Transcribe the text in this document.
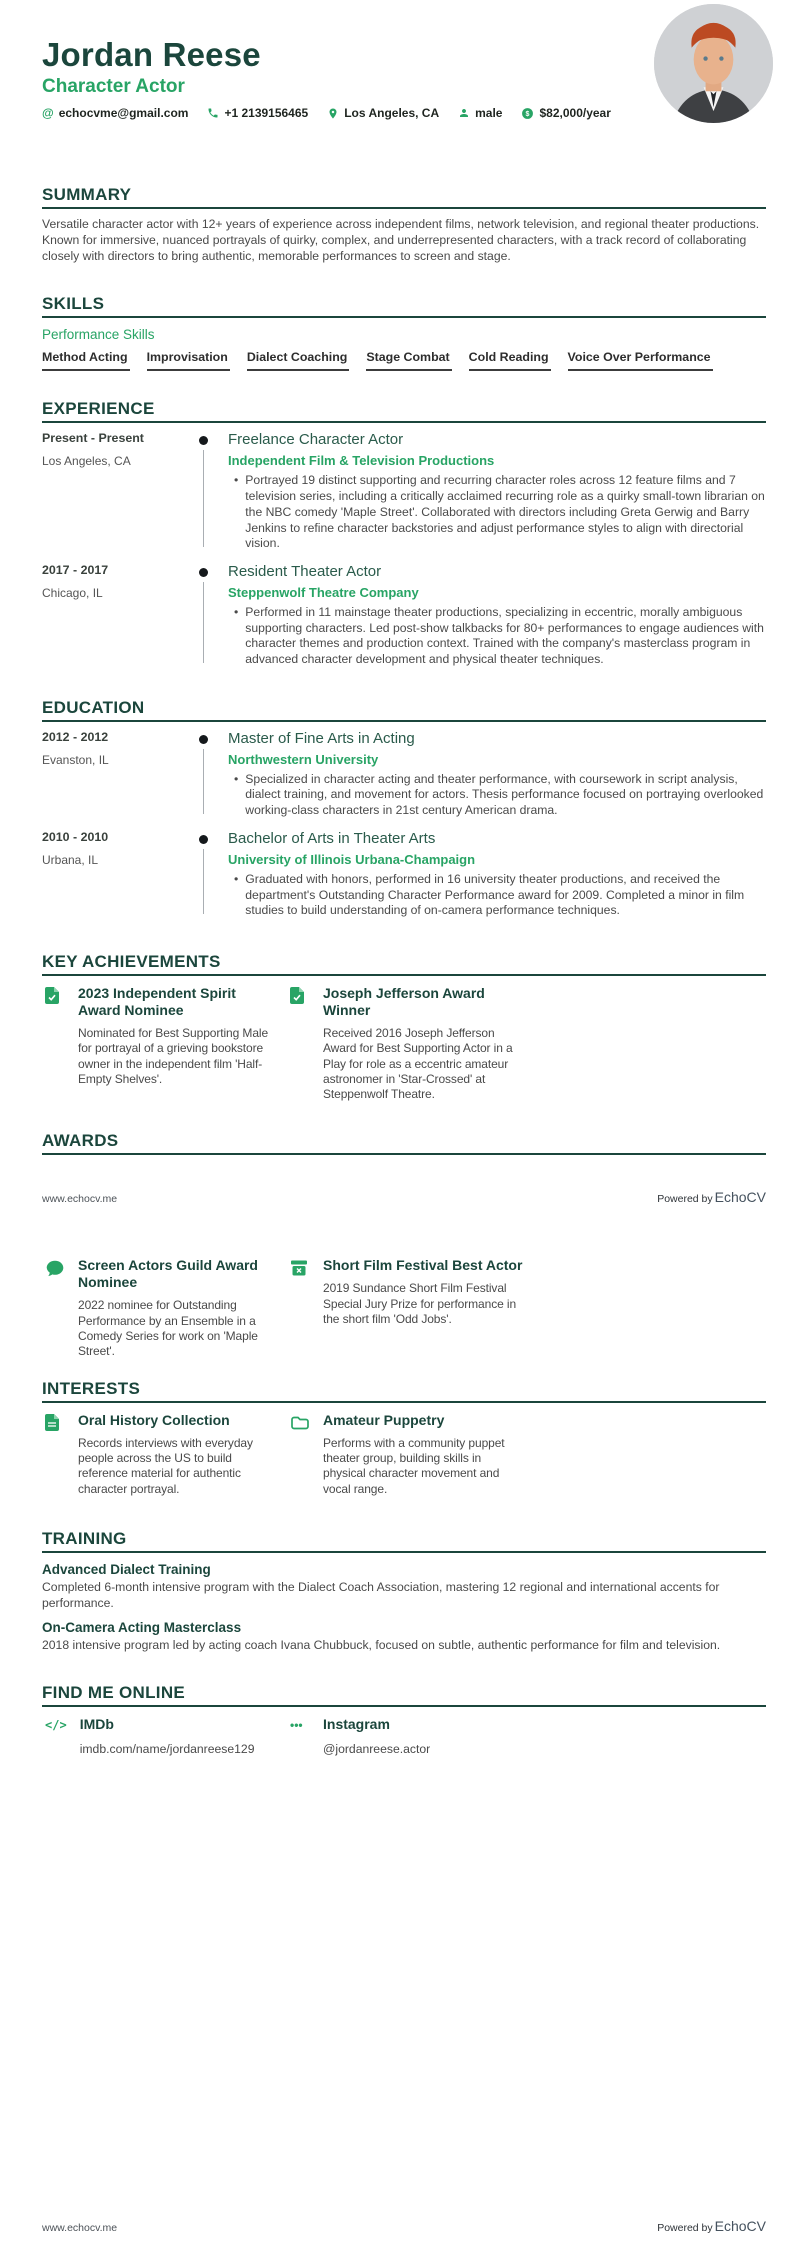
Jordan Reese
Character Actor
@ echocvme@gmail.com	+1 2139156465	Los Angeles, CA	male $ $82,000/year
SUMMARY

Versatile character actor with 12+ years of experience across independent films, network television, and regional theater productions. Known for immersive, nuanced portrayals of quirky, complex, and underrepresented characters, with a track record of collaborating closely with directors to bring authentic, memorable performances to screen and stage.

SKILLS
Performance Skills
Method Acting Improvisation Dialect Coaching Stage Combat Cold Reading Voice Over Performance
EXPERIENCE
Present - Present
Los Angeles, CA
Freelance Character Actor
Independent Film & Television Productions
• Portrayed 19 distinct supporting and recurring character roles across 12 feature films and 7 television series, including a critically acclaimed recurring role as a quirky small-town librarian on the NBC comedy 'Maple Street'. Collaborated with directors including Greta Gerwig and Barry Jenkins to refine character backstories and adjust performance styles to align with directorial vision.

2017 - 2017
Chicago, IL
Resident Theater Actor
Steppenwolf Theatre Company
• Performed in 11 mainstage theater productions, specializing in eccentric, morally ambiguous supporting characters. Led post-show talkbacks for 80+ performances to engage audiences with character themes and production context. Trained with the company's masterclass program in advanced character development and physical theater techniques.

EDUCATION
2012 - 2012
Evanston, IL
Master of Fine Arts in Acting
Northwestern University
• Specialized in character acting and theater performance, with coursework in script analysis, dialect training, and movement for actors. Thesis performance focused on portraying overlooked working-class characters in 21st century American drama.

2010 - 2010
Urbana, IL
Bachelor of Arts in Theater Arts
University of Illinois Urbana-Champaign
• Graduated with honors, performed in 16 university theater productions, and received the department's Outstanding Character Performance award for 2009. Completed a minor in film studies to build understanding of on-camera performance techniques.

KEY ACHIEVEMENTS
2023 Independent Spirit Award Nominee

Nominated for Best Supporting Male for portrayal of a grieving bookstore owner in the independent film 'Half-Empty Shelves'.

Joseph Jefferson Award Winner

Received 2016 Joseph Jefferson Award for Best Supporting Actor in a Play for role as a eccentric amateur astronomer in 'Star-Crossed' at Steppenwolf Theatre.

AWARDS
www.echocv.me	Powered by EchoCV
Screen Actors Guild Award Nominee

2022 nominee for Outstanding Performance by an Ensemble in a Comedy Series for work on 'Maple Street'.

Short Film Festival Best Actor

2019 Sundance Short Film Festival Special Jury Prize for performance in the short film 'Odd Jobs'.

INTERESTS
Oral History Collection

Records interviews with everyday people across the US to build reference material for authentic character portrayal.

Amateur Puppetry

Performs with a community puppet theater group, building skills in physical character movement and vocal range.

TRAINING
Advanced Dialect Training

Completed 6-month intensive program with the Dialect Coach Association, mastering 12 regional and international accents for performance.

On-Camera Acting Masterclass

2018 intensive program led by acting coach Ivana Chubbuck, focused on subtle, authentic performance for film and television.

FIND ME ONLINE
</> IMDb
imdb.com/name/jordanreese129
•••	Instagram
@jordanreese.actor
www.echocv.me	Powered by EchoCV
